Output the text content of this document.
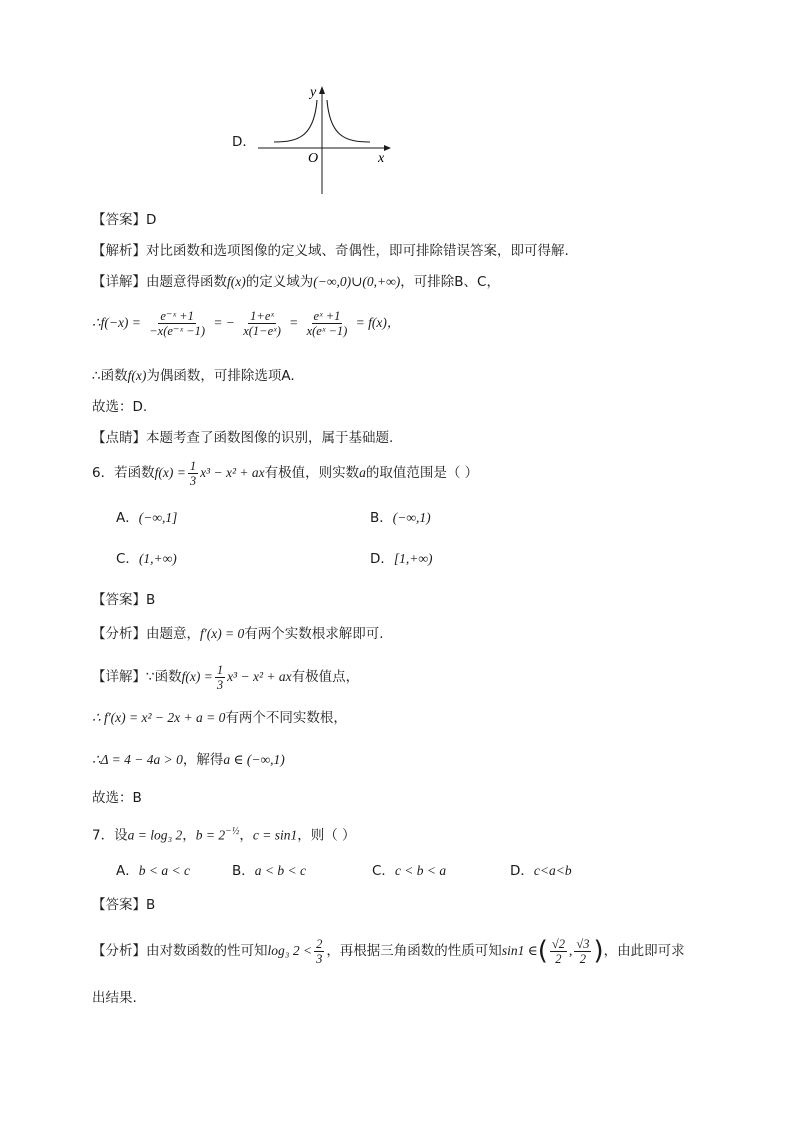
D．
y
x
O
【答案】D
【解析】对比函数和选项图像的定义域、奇偶性，即可排除错误答案，即可得解.
【详解】由题意得函数f(x)的定义域为(−∞,0)∪(0,+∞)，可排除B、C，
∴f(−x) = $\frac{\text{e⁻ˣ +1}}{\text{−x(e⁻ˣ −1)}}$ = − $\frac{\text{1+eˣ}}{\text{x(1−eˣ)}} = \frac{\text{eˣ +1}}{\text{x(eˣ −1)}} = f(x)$，
∴函数f(x)为偶函数，可排除选项A.
故选：D.
【点睛】本题考查了函数图像的识别，属于基础题.
6．若函数$f(x) = \frac{1}{3} x^3 - x^2$ + ax有极值，则实数a的取值范围是（ ）
A．(−∞,1]	B．(−∞,1)
C．(1,+∞)	D．[1,+∞)
【答案】B
【分析】由题意，f′(x) = 0有两个实数根求解即可.
【详解】∵函数$f(x) = \frac{1}{3} x^3 - x^2$ + ax有极值点，
∴ f′(x) = x² − 2x + a = 0有两个不同实数根，
∴Δ = 4 − 4a > 0，解得a ∈ (−∞,1)
故选：B
7．设a = log₃ 2，$b = 2^{-\frac{1}{2}}$，c = sin1，则（ ）
A．b < a < c	B．a < b < c	C．c < b < a	D．c<a<b
【答案】B
【分析】由对数函数的性可知log₃ $2 < \frac{2}{3}$ ，再根据三角函数的性质可知sin1 ∈( $\frac{√2}{2}$ , $\frac{√3}{2}$ )，由此即可求
出结果.
